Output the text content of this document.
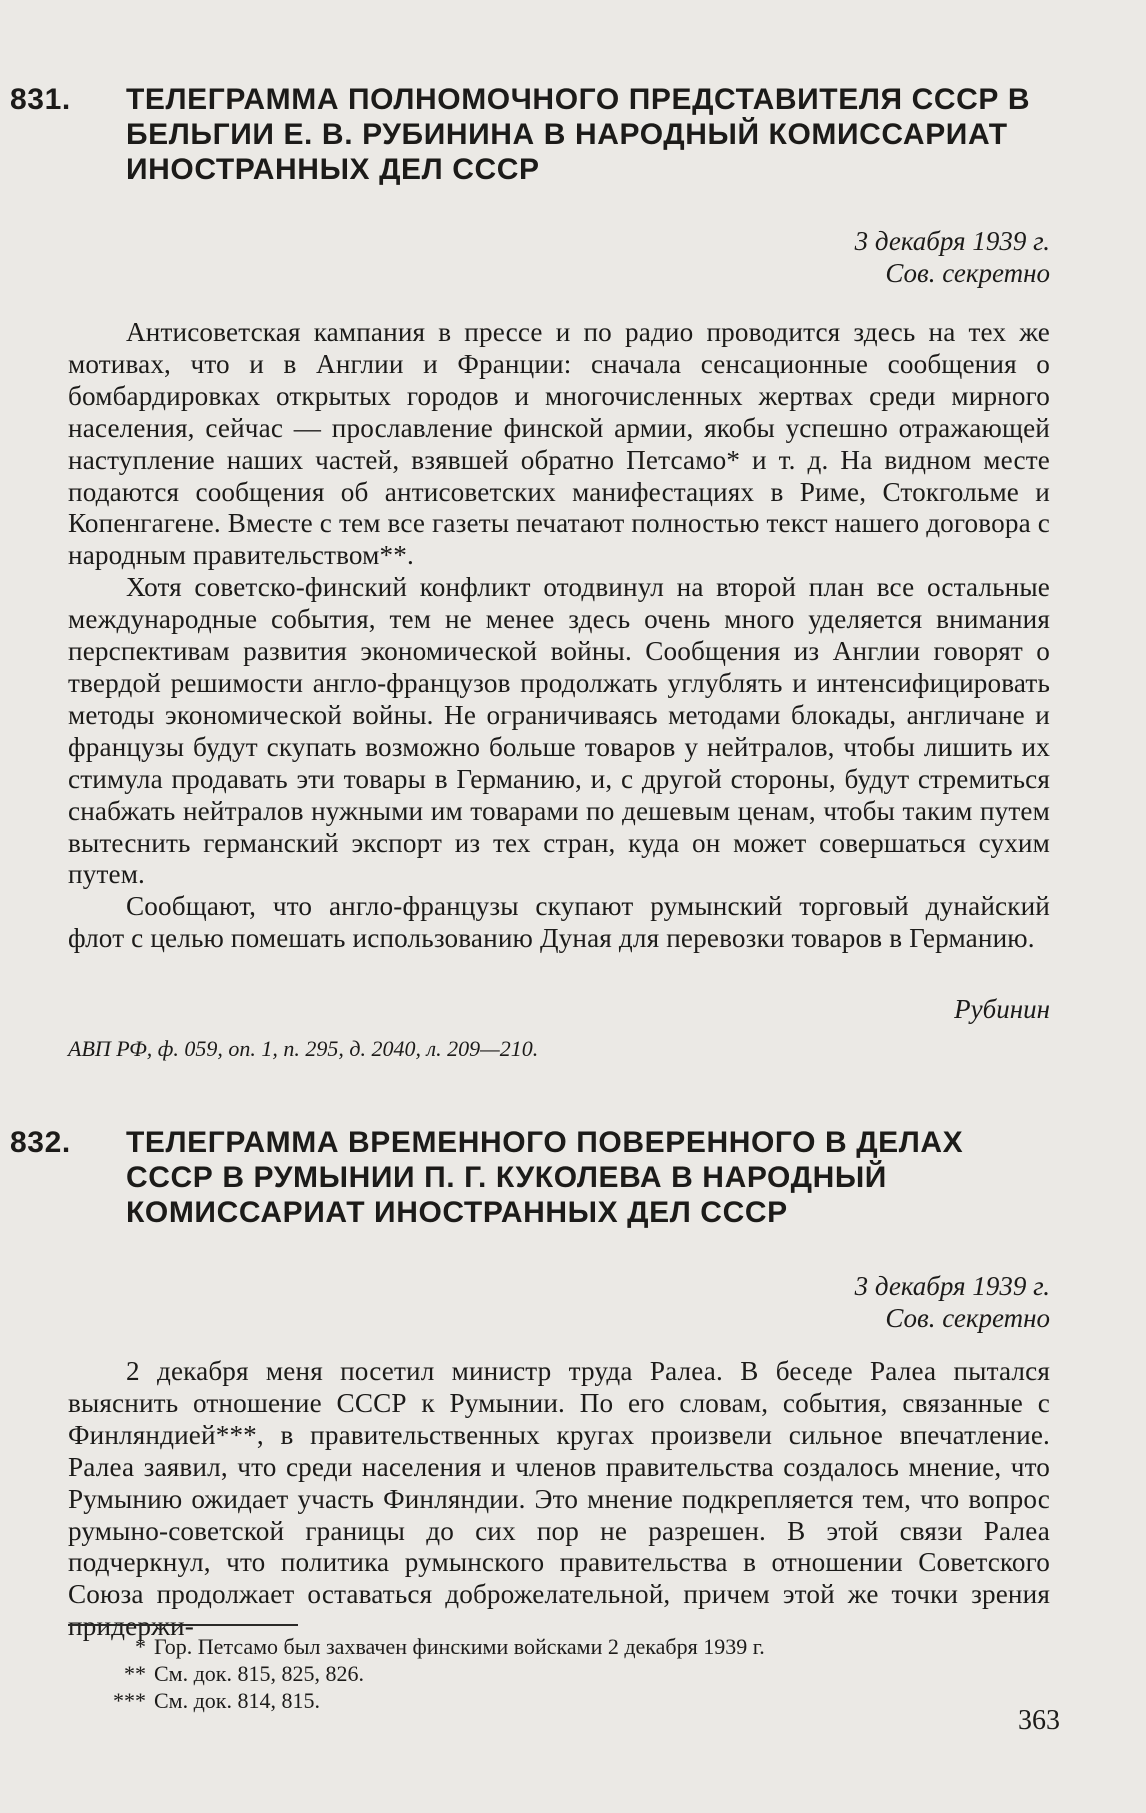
831. ТЕЛЕГРАММА ПОЛНОМОЧНОГО ПРЕДСТАВИТЕЛЯ СССР В БЕЛЬГИИ Е. В. РУБИНИНА В НАРОДНЫЙ КОМИССАРИАТ ИНОСТРАННЫХ ДЕЛ СССР
3 декабря 1939 г.
Сов. секретно

Антисоветская кампания в прессе и по радио проводится здесь на тех же мотивах, что и в Англии и Франции: сначала сенсационные сообщения о бомбардировках открытых городов и многочисленных жертвах среди мирного населения, сейчас — прославление финской армии, якобы успешно отражающей наступление наших частей, взявшей обратно Петсамо* и т. д. На видном месте подаются сообщения об антисоветских манифестациях в Риме, Стокгольме и Копенгагене. Вместе с тем все газеты печатают полностью текст нашего договора с народным правительством**.

Хотя советско-финский конфликт отодвинул на второй план все остальные международные события, тем не менее здесь очень много уделяется внимания перспективам развития экономической войны. Сообщения из Англии говорят о твердой решимости англо-французов продолжать углублять и интенсифицировать методы экономической войны. Не ограничиваясь методами блокады, англичане и французы будут скупать возможно больше товаров у нейтралов, чтобы лишить их стимула продавать эти товары в Германию, и, с другой стороны, будут стремиться снабжать нейтралов нужными им товарами по дешевым ценам, чтобы таким путем вытеснить германский экспорт из тех стран, куда он может совершаться сухим путем.

Сообщают, что англо-французы скупают румынский торговый дунайский флот с целью помешать использованию Дуная для перевозки товаров в Германию.

Рубинин
АВП РФ, ф. 059, оп. 1, п. 295, д. 2040, л. 209—210.
832. ТЕЛЕГРАММА ВРЕМЕННОГО ПОВЕРЕННОГО В ДЕЛАХ СССР В РУМЫНИИ П. Г. КУКОЛЕВА В НАРОДНЫЙ КОМИССАРИАТ ИНОСТРАННЫХ ДЕЛ СССР
3 декабря 1939 г.
Сов. секретно

2 декабря меня посетил министр труда Ралеа. В беседе Ралеа пытался выяснить отношение СССР к Румынии. По его словам, события, связанные с Финляндией***, в правительственных кругах произвели сильное впечатление. Ралеа заявил, что среди населения и членов правительства создалось мнение, что Румынию ожидает участь Финляндии. Это мнение подкрепляется тем, что вопрос румыно-советской границы до сих пор не разрешен. В этой связи Ралеа подчеркнул, что политика румынского правительства в отношении Советского Союза продолжает оставаться доброжелательной, причем этой же точки зрения придержи-

* Гор. Петсамо был захвачен финскими войсками 2 декабря 1939 г.
** См. док. 815, 825, 826.
*** См. док. 814, 815.
363
